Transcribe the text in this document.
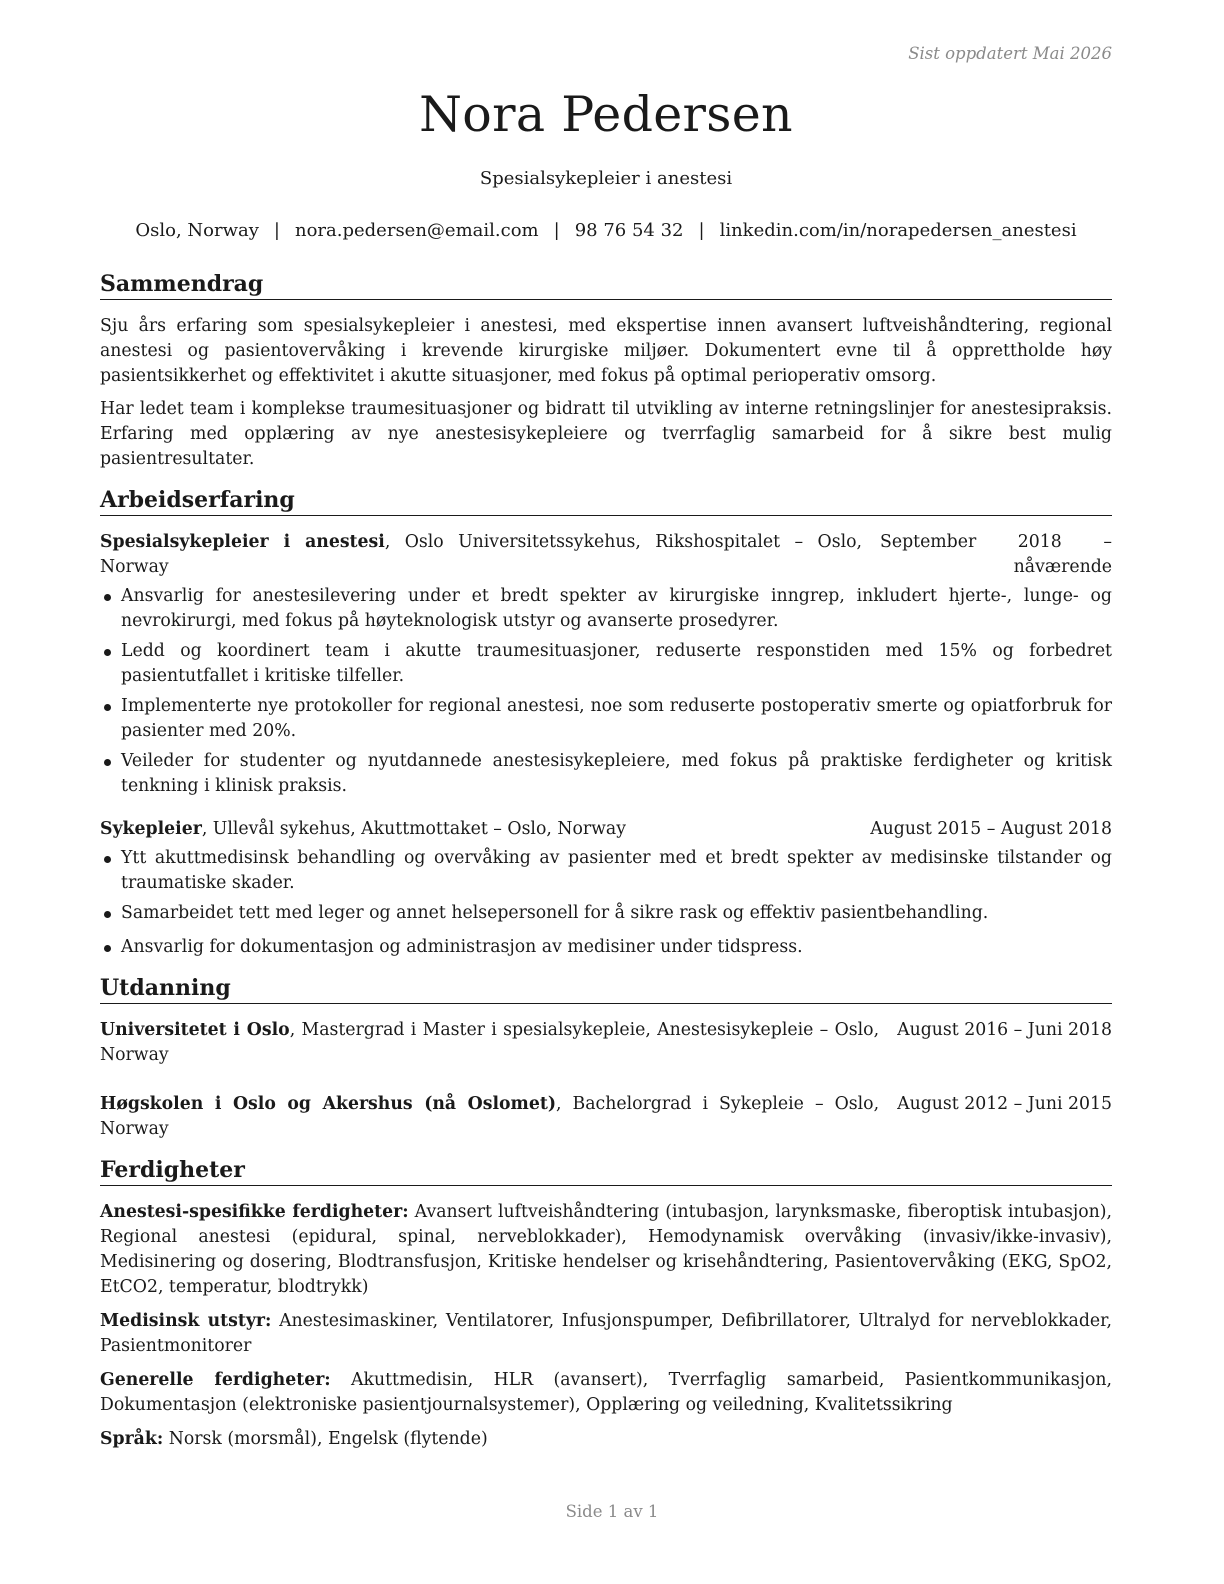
Sist oppdatert Mai 2026
Nora Pedersen
Spesialsykepleier i anestesi
Oslo, Norway | nora.pedersen@email.com | 98 76 54 32 | linkedin.com/in/norapedersen_anestesi
Sammendrag

Sju års erfaring som spesialsykepleier i anestesi, med ekspertise innen avansert luftveishåndtering, regional anestesi og pasientovervåking i krevende kirurgiske miljøer. Dokumentert evne til å opprettholde høy pasientsikkerhet og effektivitet i akutte situasjoner, med fokus på optimal perioperativ omsorg.

Har ledet team i komplekse traumesituasjoner og bidratt til utvikling av interne retningslinjer for anestesipraksis. Erfaring med opplæring av nye anestesisykepleiere og tverrfaglig samarbeid for å sikre best mulig pasientresultater.

Arbeidserfaring
Spesialsykepleier i anestesi, Oslo Universitetssykehus, Rikshospitalet – Oslo, Norway
September 2018 – nåværende
Ansvarlig for anestesilevering under et bredt spekter av kirurgiske inngrep, inkludert hjerte-, lunge- og nevrokirurgi, med fokus på høyteknologisk utstyr og avanserte prosedyrer.
Ledd og koordinert team i akutte traumesituasjoner, reduserte responstiden med 15% og forbedret pasientutfallet i kritiske tilfeller.
Implementerte nye protokoller for regional anestesi, noe som reduserte postoperativ smerte og opiatforbruk for pasienter med 20%.
Veileder for studenter og nyutdannede anestesisykepleiere, med fokus på praktiske ferdigheter og kritisk tenkning i klinisk praksis.
Sykepleier, Ullevål sykehus, Akuttmottaket – Oslo, Norway	August 2015 – August 2018
Ytt akuttmedisinsk behandling og overvåking av pasienter med et bredt spekter av medisinske tilstander og traumatiske skader.
Samarbeidet tett med leger og annet helsepersonell for å sikre rask og effektiv pasientbehandling.
Ansvarlig for dokumentasjon og administrasjon av medisiner under tidspress.
Utdanning
Universitetet i Oslo, Mastergrad i Master i spesialsykepleie, Anestesisykepleie – Oslo, Norway
August 2016 – Juni 2018
Høgskolen i Oslo og Akershus (nå Oslomet), Bachelorgrad i Sykepleie – Oslo, Norway
August 2012 – Juni 2015
Ferdigheter

Anestesi-spesifikke ferdigheter: Avansert luftveishåndtering (intubasjon, larynksmaske, fiberoptisk intubasjon), Regional anestesi (epidural, spinal, nerveblokkader), Hemodynamisk overvåking (invasiv/ikke-invasiv), Medisinering og dosering, Blodtransfusjon, Kritiske hendelser og krisehåndtering, Pasientovervåking (EKG, SpO2, EtCO2, temperatur, blodtrykk)

Medisinsk utstyr: Anestesimaskiner, Ventilatorer, Infusjonspumper, Defibrillatorer, Ultralyd for nerveblokkader, Pasientmonitorer

Generelle ferdigheter: Akuttmedisin, HLR (avansert), Tverrfaglig samarbeid, Pasientkommunikasjon, Dokumentasjon (elektroniske pasientjournalsystemer), Opplæring og veiledning, Kvalitetssikring

Språk: Norsk (morsmål), Engelsk (flytende)

Side 1 av 1
